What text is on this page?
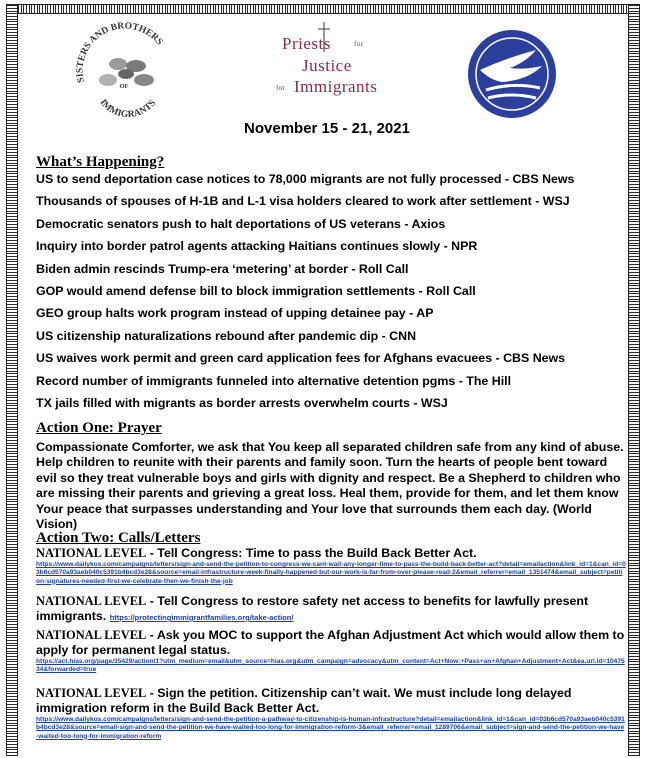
SISTERS AND BROTHERS
IMMIGRANTS
OF
Priests	for
Justice
for Immigrants
November 15 - 21, 2021
What’s Happening?
US to send deportation case notices to 78,000 migrants are not fully processed - CBS News
Thousands of spouses of H-1B and L-1 visa holders cleared to work after settlement - WSJ
Democratic senators push to halt deportations of US veterans - Axios
Inquiry into border patrol agents attacking Haitians continues slowly - NPR
Biden admin rescinds Trump-era ‘metering’ at border - Roll Call
GOP would amend defense bill to block immigration settlements - Roll Call
GEO group halts work program instead of upping detainee pay - AP
US citizenship naturalizations rebound after pandemic dip - CNN
US waives work permit and green card application fees for Afghans evacuees - CBS News
Record number of immigrants funneled into alternative detention pgms - The Hill
TX jails filled with migrants as border arrests overwhelm courts - WSJ
Action One: Prayer
Compassionate Comforter, we ask that You keep all separated children safe from any kind of abuse. Help children to reunite with their parents and family soon. Turn the hearts of people bent toward evil so they treat vulnerable boys and girls with dignity and respect. Be a Shepherd to children who are missing their parents and grieving a great loss. Heal them, provide for them, and let them know Your peace that surpasses understanding and Your love that surrounds them each day. (World Vision)
Action Two: Calls/Letters
NATIONAL LEVEL - Tell Congress: Time to pass the Build Back Better Act.
https://www.dailykos.com/campaigns/letters/sign-and-send-the-petition-to-congress-we-cant-wait-any-longer-time-to-pass-the-build-back-better-act?detail=emailaction&link_id=1&can_id=03b6cd570a93aeb040c5391b4bcd3e28&source=email-infrastructure-week-finally-happened-but-our-work-is-far-from-over-please-read-2&email_referrer=email_1351474&email_subject=petition-signatures-needed-first-we-celebrate-then-we-finish-the-job
NATIONAL LEVEL - Tell Congress to restore safety net access to benefits for lawfully present immigrants. https://protectingimmigrantfamilies.org/take-action/
NATIONAL LEVEL - Ask you MOC to support the Afghan Adjustment Act which would allow them to apply for permanent legal status.
https://act.hias.org/page/35429/action/1?utm_medium=email&utm_source=hias.org&utm_campaign=advocacy&utm_content=Act+Now:+Pass+an+Afghan+Adjustment+Act&ea.url.id=1047534&forwarded=true
NATIONAL LEVEL - Sign the petition. Citizenship can’t wait. We must include long delayed immigration reform in the Build Back Better Act.
https://www.dailykos.com/campaigns/letters/sign-and-send-the-petition-a-pathway-to-citizenship-is-human-infrastructure?detail=emailaction&link_id=1&can_id=03b6cd570a93aeb040c5391b4bcd3e28&source=email-sign-and-send-the-petition-we-have-waited-too-long-for-immigration-reform-3&email_referrer=email_1289706&email_subject=sign-and-send-the-petition-we-have-waited-too-long-for-immigration-reform
